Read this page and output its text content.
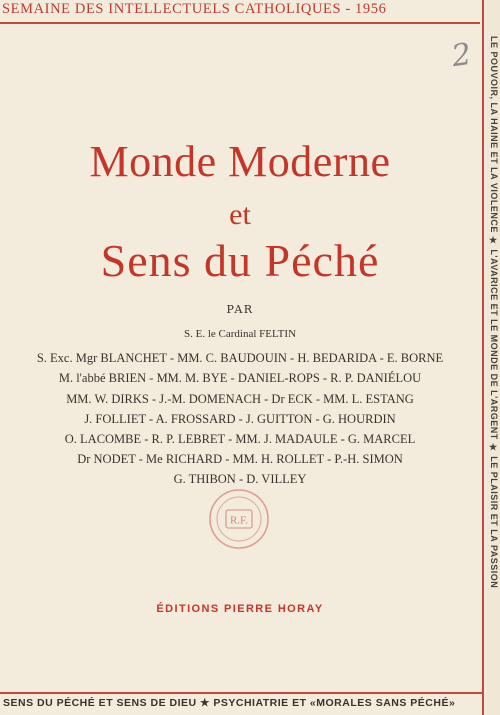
SEMAINE DES INTELLECTUELS CATHOLIQUES - 1956
LE POUVOIR, LA HAINE ET LA VIOLENCE ★ L'AVARICE ET LE MONDE DE L'ARGENT ★ LE PLAISIR ET LA PASSION
2
Monde Moderne
et
Sens du Péché
PAR
S. E. le Cardinal FELTIN
S. Exc. Mgr BLANCHET - MM. C. BAUDOUIN - H. BEDARIDA - E. BORNE
M. l'abbé BRIEN - MM. M. BYE - DANIEL-ROPS - R. P. DANIÉLOU
MM. W. DIRKS - J.-M. DOMENACH - Dr ECK - MM. L. ESTANG
J. FOLLIET - A. FROSSARD - J. GUITTON - G. HOURDIN
O. LACOMBE - R. P. LEBRET - MM. J. MADAULE - G. MARCEL
Dr NODET - Me RICHARD - MM. H. ROLLET - P.-H. SIMON
G. THIBON - D. VILLEY
R.F.
ÉDITIONS PIERRE HORAY
SENS DU PÉCHÉ ET SENS DE DIEU ★ PSYCHIATRIE ET «MORALES SANS PÉCHÉ»
